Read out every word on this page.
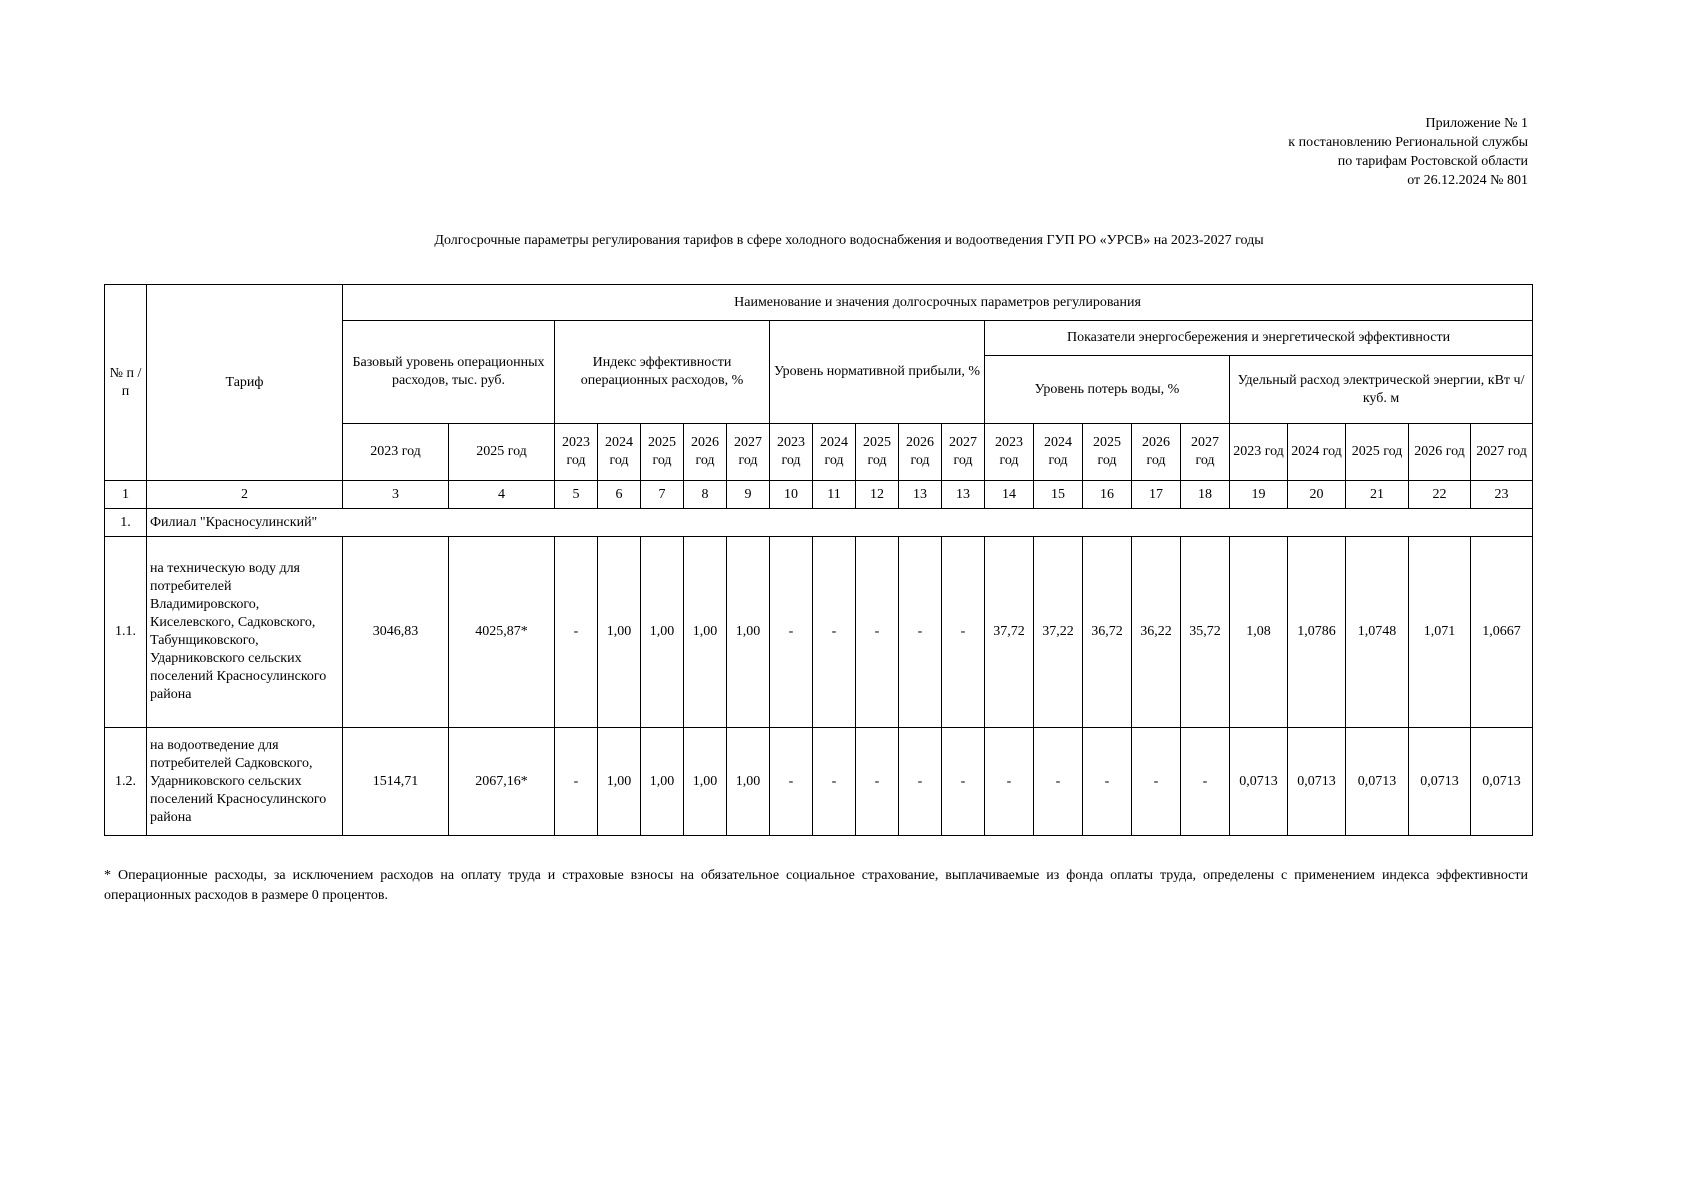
Приложение № 1
к постановлению Региональной службы
по тарифам Ростовской области
от 26.12.2024 № 801
Долгосрочные параметры регулирования тарифов в сфере холодного водоснабжения и водоотведения ГУП РО «УРСВ» на 2023-2027 годы
№ п /п	Тариф	Наименование и значения долгосрочных параметров регулирования																					
		Базовый уровень операционных расходов, тыс. руб.		Индекс эффективности операционных расходов, %					Уровень нормативной прибыли, %					Показатели энергосбережения и энергетической эффективности									
														Уровень потерь воды, %					Удельный расход электрической энергии, кВт ч/куб. м				
		2023 год	2025 год	2023 год	2024 год	2025 год	2026 год	2027 год	2023 год	2024 год	2025 год	2026 год	2027 год	2023 год	2024 год	2025 год	2026 год	2027 год	2023 год	2024 год	2025 год	2026 год	2027 год
1	2	3	4	5	6	7	8	9	10	11	12	13	13	14	15	16	17	18	19	20	21	22	23
1.	Филиал "Красносулинский"																						
1.1.	на техническую воду для потребителей Владимировского, Киселевского, Садковского, Табунщиковского, Ударниковского сельских поселений Красносулинского района	3046,83	4025,87*	-	1,00	1,00	1,00	1,00	-	-	-	-	-	37,72	37,22	36,72	36,22	35,72	1,08	1,0786	1,0748	1,071	1,0667
1.2.	на водоотведение для потребителей Садковского, Ударниковского сельских поселений Красносулинского района	1514,71	2067,16*	-	1,00	1,00	1,00	1,00	-	-	-	-	-	-	-	-	-	-	0,0713	0,0713	0,0713	0,0713	0,0713
* Операционные расходы, за исключением расходов на оплату труда и страховые взносы на обязательное социальное страхование, выплачиваемые из фонда оплаты труда, определены с применением индекса эффективности операционных расходов в размере 0 процентов.
